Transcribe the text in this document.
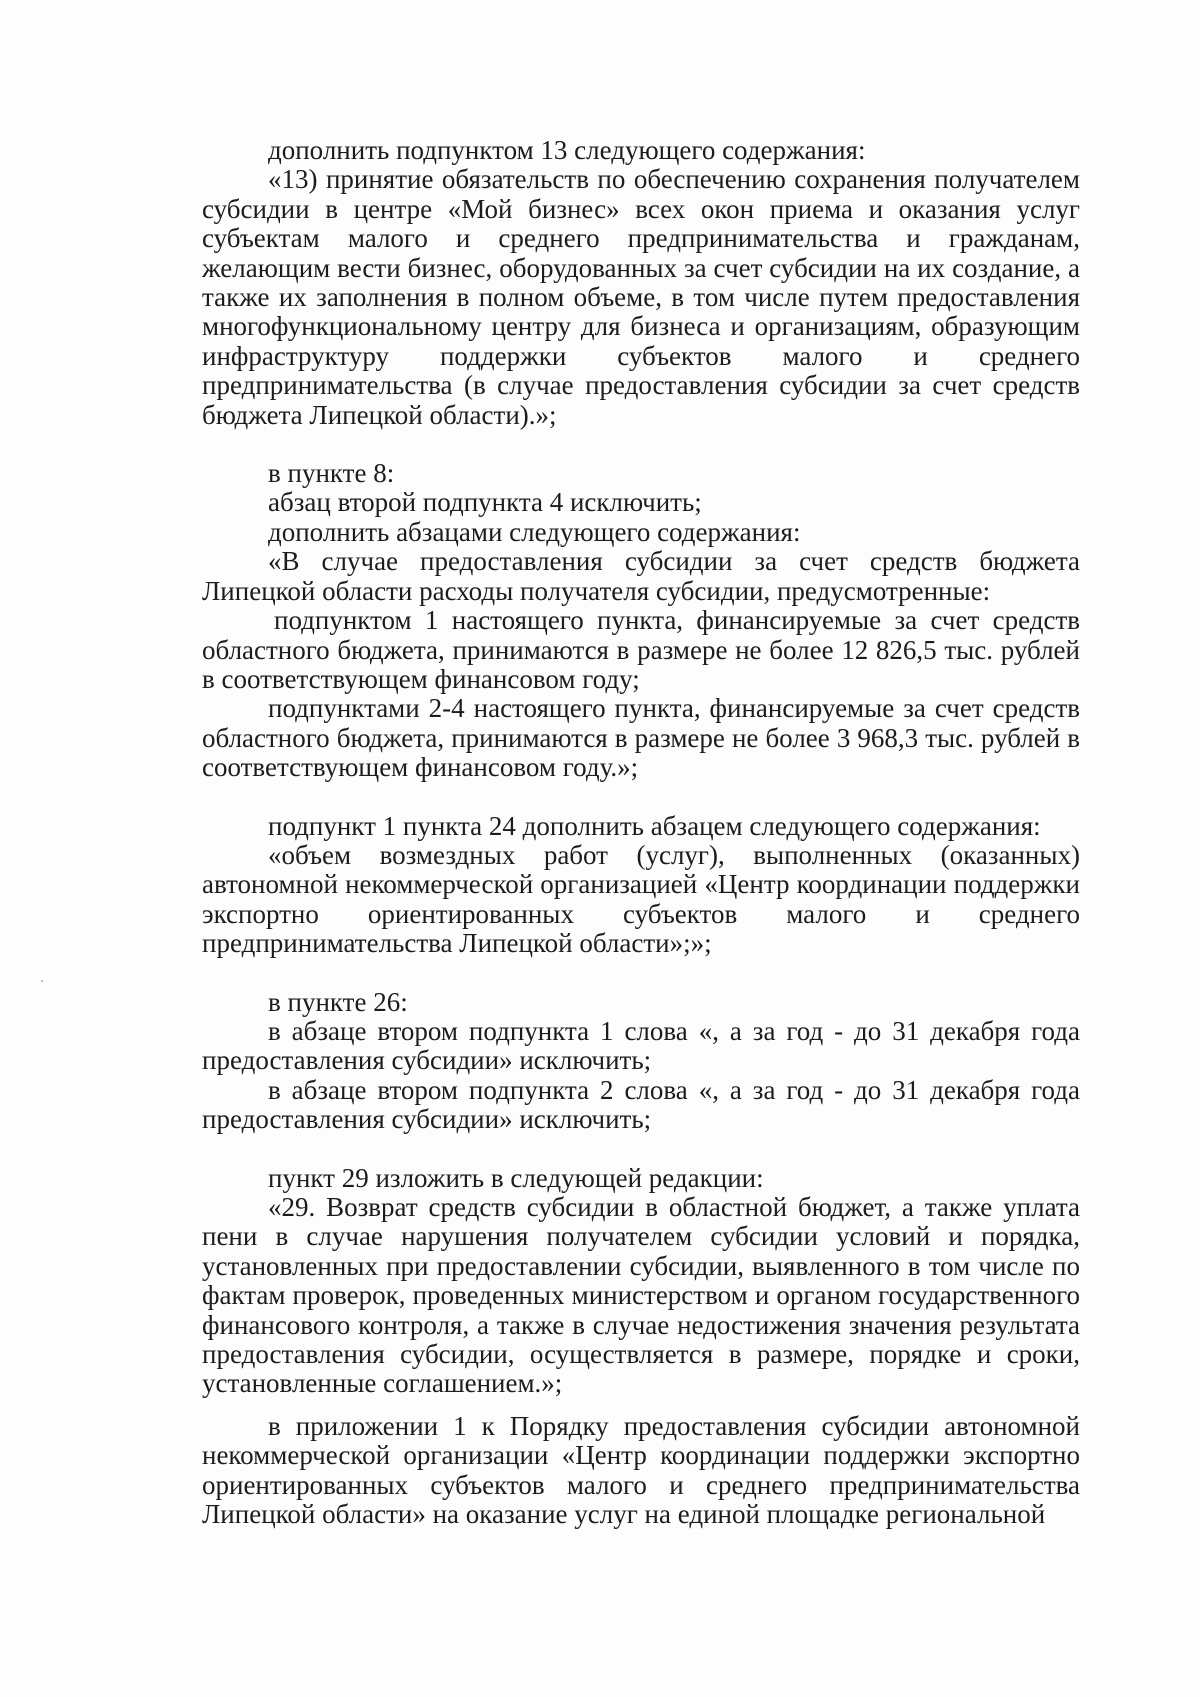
дополнить подпунктом 13 следующего содержания:

«13) принятие обязательств по обеспечению сохранения получателем субсидии в центре «Мой бизнес» всех окон приема и оказания услуг субъектам малого и среднего предпринимательства и гражданам, желающим вести бизнес, оборудованных за счет субсидии на их создание, а также их заполнения в полном объеме, в том числе путем предоставления многофункциональному центру для бизнеса и организациям, образующим инфраструктуру поддержки субъектов малого и среднего предпринимательства (в случае предоставления субсидии за счет средств бюджета Липецкой области).»;

в пункте 8:

абзац второй подпункта 4 исключить;

дополнить абзацами следующего содержания:

«В случае предоставления субсидии за счет средств бюджета Липецкой области расходы получателя субсидии, предусмотренные:

подпунктом 1 настоящего пункта, финансируемые за счет средств областного бюджета, принимаются в размере не более 12 826,5 тыс. рублей в соответствующем финансовом году;

подпунктами 2-4 настоящего пункта, финансируемые за счет средств областного бюджета, принимаются в размере не более 3 968,3 тыс. рублей в соответствующем финансовом году.»;

подпункт 1 пункта 24 дополнить абзацем следующего содержания:

«объем возмездных работ (услуг), выполненных (оказанных) автономной некоммерческой организацией «Центр координации поддержки экспортно ориентированных субъектов малого и среднего предпринимательства Липецкой области»;»;

в пункте 26:

в абзаце втором подпункта 1 слова «, а за год - до 31 декабря года предоставления субсидии» исключить;

в абзаце втором подпункта 2 слова «, а за год - до 31 декабря года предоставления субсидии» исключить;

пункт 29 изложить в следующей редакции:

«29. Возврат средств субсидии в областной бюджет, а также уплата пени в случае нарушения получателем субсидии условий и порядка, установленных при предоставлении субсидии, выявленного в том числе по фактам проверок, проведенных министерством и органом государственного финансового контроля, а также в случае недостижения значения результата предоставления субсидии, осуществляется в размере, порядке и сроки, установленные соглашением.»;

в приложении 1 к Порядку предоставления субсидии автономной некоммерческой организации «Центр координации поддержки экспортно ориентированных субъектов малого и среднего предпринимательства Липецкой области» на оказание услуг на единой площадке региональной
